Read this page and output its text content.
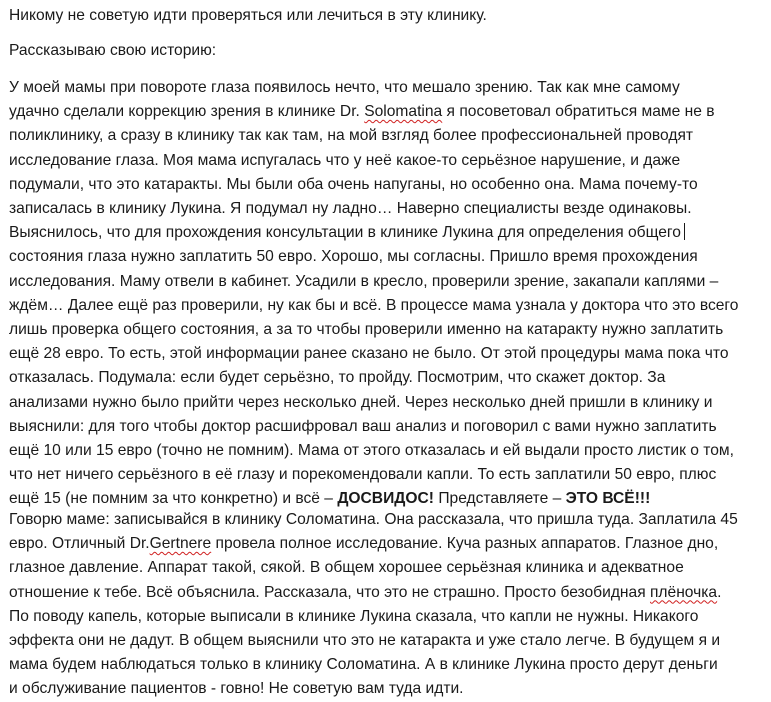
Никому не советую идти проверяться или лечиться в эту клинику.

Рассказываю свою историю:

У моей мамы при повороте глаза появилось нечто, что мешало зрению. Так как мне самому
удачно сделали коррекцию зрения в клинике Dr. Solomatina я посоветовал обратиться маме не в
поликлинику, а сразу в клинику так как там, на мой взгляд более профессиональней проводят
исследование глаза. Моя мама испугалась что у неё какое-то серьёзное нарушение, и даже
подумали, что это катаракты. Мы были оба очень напуганы, но особенно она. Мама почему-то
записалась в клинику Лукина. Я подумал ну ладно… Наверно специалисты везде одинаковы.
Выяснилось, что для прохождения консультации в клинике Лукина для определения общего
состояния глаза нужно заплатить 50 евро. Хорошо, мы согласны. Пришло время прохождения
исследования. Маму отвели в кабинет. Усадили в кресло, проверили зрение, закапали каплями –
ждём… Далее ещё раз проверили, ну как бы и всё. В процессе мама узнала у доктора что это всего
лишь проверка общего состояния, а за то чтобы проверили именно на катаракту нужно заплатить
ещё 28 евро. То есть, этой информации ранее сказано не было. От этой процедуры мама пока что
отказалась. Подумала: если будет серьёзно, то пройду. Посмотрим, что скажет доктор. За
анализами нужно было прийти через несколько дней. Через несколько дней пришли в клинику и
выяснили: для того чтобы доктор расшифровал ваш анализ и поговорил с вами нужно заплатить
ещё 10 или 15 евро (точно не помним). Мама от этого отказалась и ей выдали просто листик о том,
что нет ничего серьёзного в её глазу и порекомендовали капли. То есть заплатили 50 евро, плюс
ещё 15 (не помним за что конкретно) и всё – ДОСВИДОС! Представляете – ЭТО ВСЁ!!!

Говорю маме: записывайся в клинику Соломатина. Она рассказала, что пришла туда. Заплатила 45
евро. Отличный Dr.Gertnere провела полное исследование. Куча разных аппаратов. Глазное дно,
глазное давление. Аппарат такой, сякой. В общем хорошее серьёзная клиника и адекватное
отношение к тебе. Всё объяснила. Рассказала, что это не страшно. Просто безобидная плёночка.
По поводу капель, которые выписали в клинике Лукина сказала, что капли не нужны. Никакого
эффекта они не дадут. В общем выяснили что это не катаракта и уже стало легче. В будущем я и
мама будем наблюдаться только в клинику Соломатина. А в клинике Лукина просто дерут деньги
и обслуживание пациентов - говно! Не советую вам туда идти.
